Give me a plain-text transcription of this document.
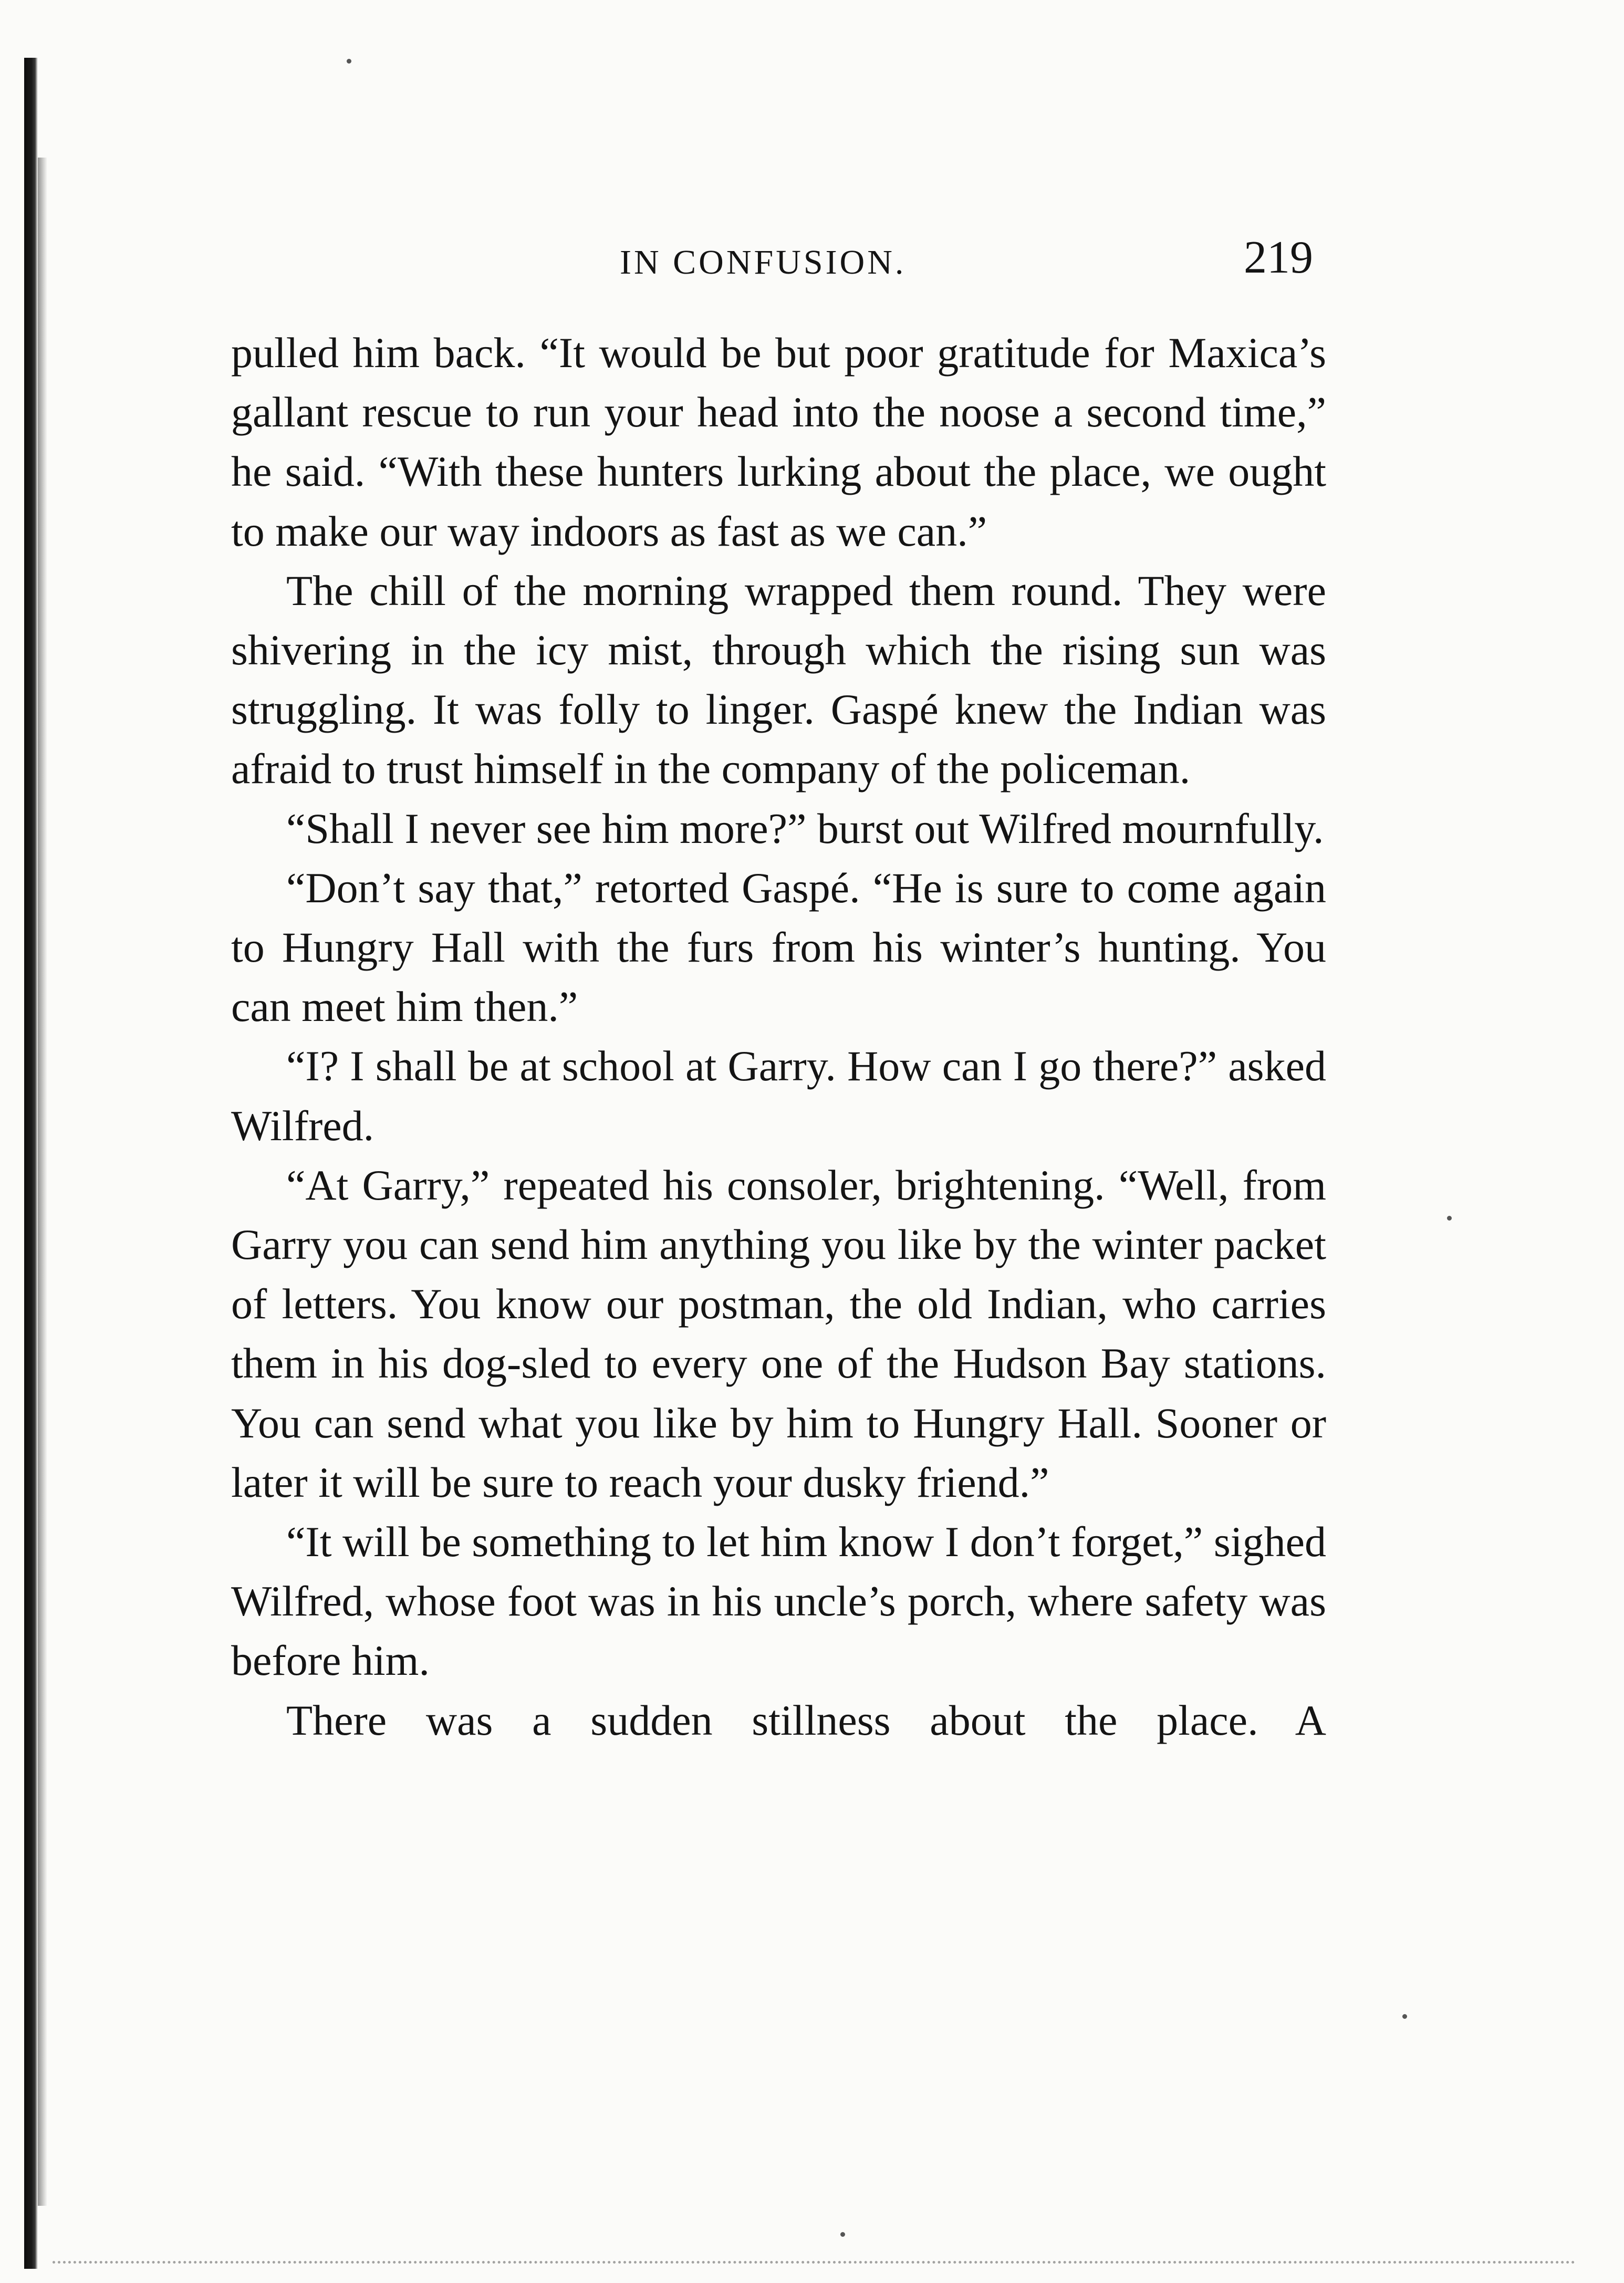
IN CONFUSION.	219

pulled him back. “It would be but poor gratitude for Maxica’s gallant rescue to run your head into the noose a second time,” he said. “With these hunters lurking about the place, we ought to make our way indoors as fast as we can.”

The chill of the morning wrapped them round. They were shivering in the icy mist, through which the rising sun was struggling. It was folly to linger. Gaspé knew the Indian was afraid to trust himself in the company of the policeman.

“Shall I never see him more?” burst out Wilfred mournfully.

“Don’t say that,” retorted Gaspé. “He is sure to come again to Hungry Hall with the furs from his winter’s hunting. You can meet him then.”

“I? I shall be at school at Garry. How can I go there?” asked Wilfred.

“At Garry,” repeated his consoler, brightening. “Well, from Garry you can send him anything you like by the winter packet of letters. You know our postman, the old Indian, who carries them in his dog-sled to every one of the Hudson Bay stations. You can send what you like by him to Hungry Hall. Sooner or later it will be sure to reach your dusky friend.”

“It will be something to let him know I don’t forget,” sighed Wilfred, whose foot was in his uncle’s porch, where safety was before him.

There was a sudden stillness about the place. A
